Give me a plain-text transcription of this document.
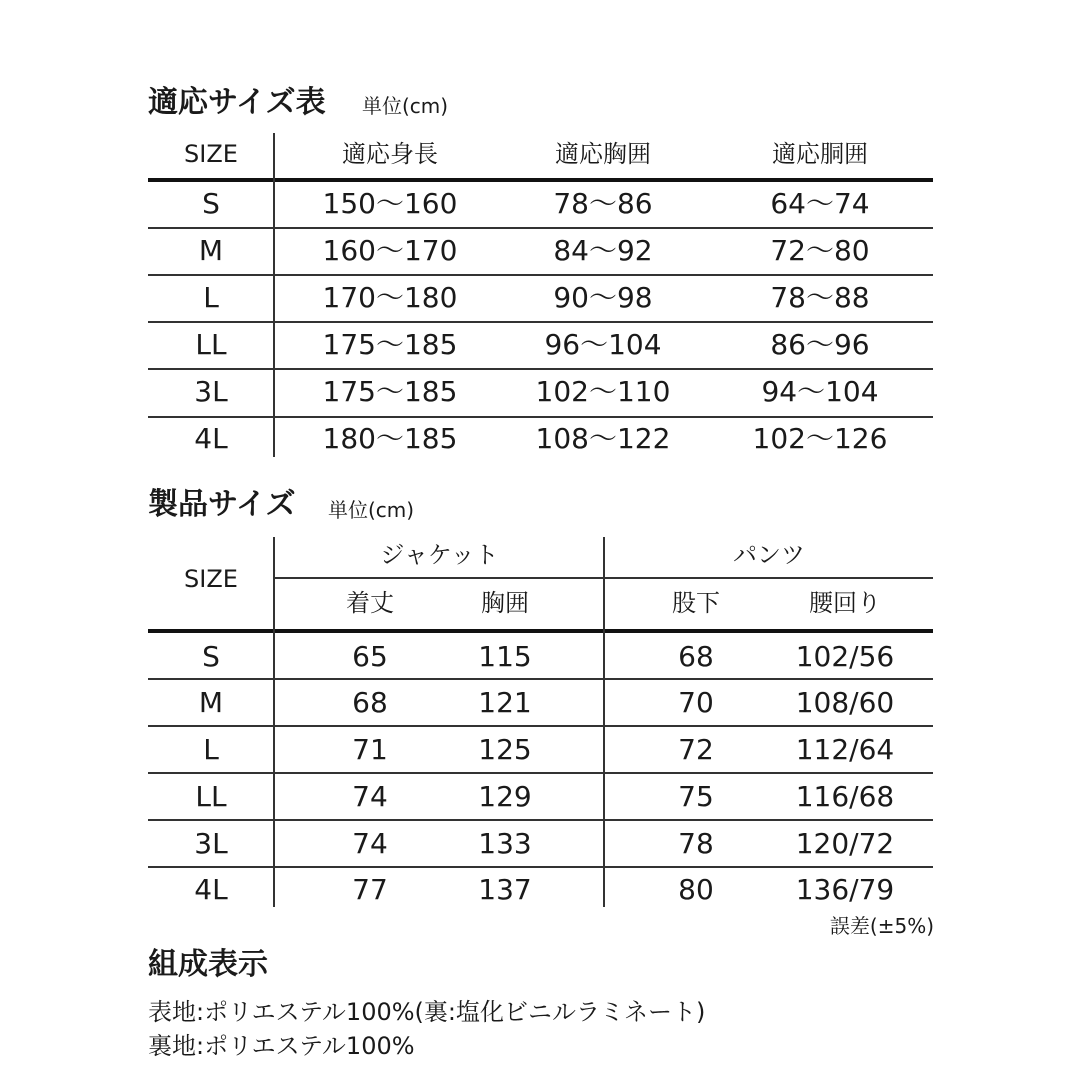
適応サイズ表 単位(cm)
SIZE	適応身長	適応胸囲	適応胴囲
S	150〜160	78〜86	64〜74
M	160〜170	84〜92	72〜80
L	170〜180	90〜98	78〜88
LL	175〜185	96〜104	86〜96
3L	175〜185	102〜110	94〜104
4L	180〜185	108〜122	102〜126
製品サイズ 単位(cm)
SIZE
ジャケット	パンツ
着丈	胸囲	股下	腰回り
S	65	115	68	102/56
M	68	121	70	108/60
L	71	125	72	112/64
LL	74	129	75	116/68
3L	74	133	78	120/72
4L	77	137	80	136/79
誤差(±5%)
組成表示
表地:ポリエステル100%(裏:塩化ビニルラミネート)
裏地:ポリエステル100%
